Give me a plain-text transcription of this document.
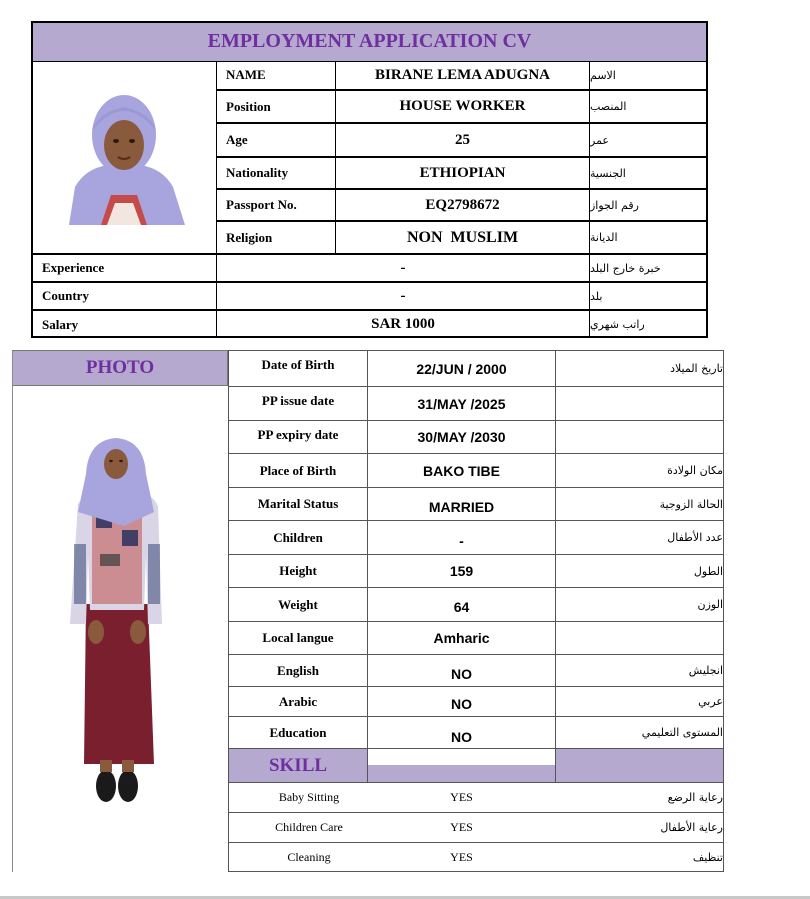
EMPLOYMENT APPLICATION CV
NAME	BIRANE LEMA ADUGNA	الاسم
Position	HOUSE WORKER	المنصب
Age	25	عمر
Nationality	ETHIOPIAN	الجنسية
Passport No.	EQ2798672	رقم الجواز
Religion	NON  MUSLIM	الديانة
Experience	-	خبرة خارج البلد
Country	-	بلد
Salary	SAR 1000	راتب شهري
PHOTO	Date of Birth	22/JUN / 2000	تاريخ الميلاد
PP issue date	31/MAY /2025
PP expiry date	30/MAY /2030
Place of Birth	BAKO TIBE	مكان الولادة
Marital Status	MARRIED	الحالة الزوجية
Children	-	عدد الأطفال
Height	159	الطول
Weight	64	الوزن
Local langue	Amharic
English	NO	انجليش
Arabic	NO	عربي
Education	NO	المستوى التعليمي
SKILL
Baby Sitting	YES	رعاية الرضع
Children Care	YES	رعاية الأطفال
Cleaning	YES	تنظيف
